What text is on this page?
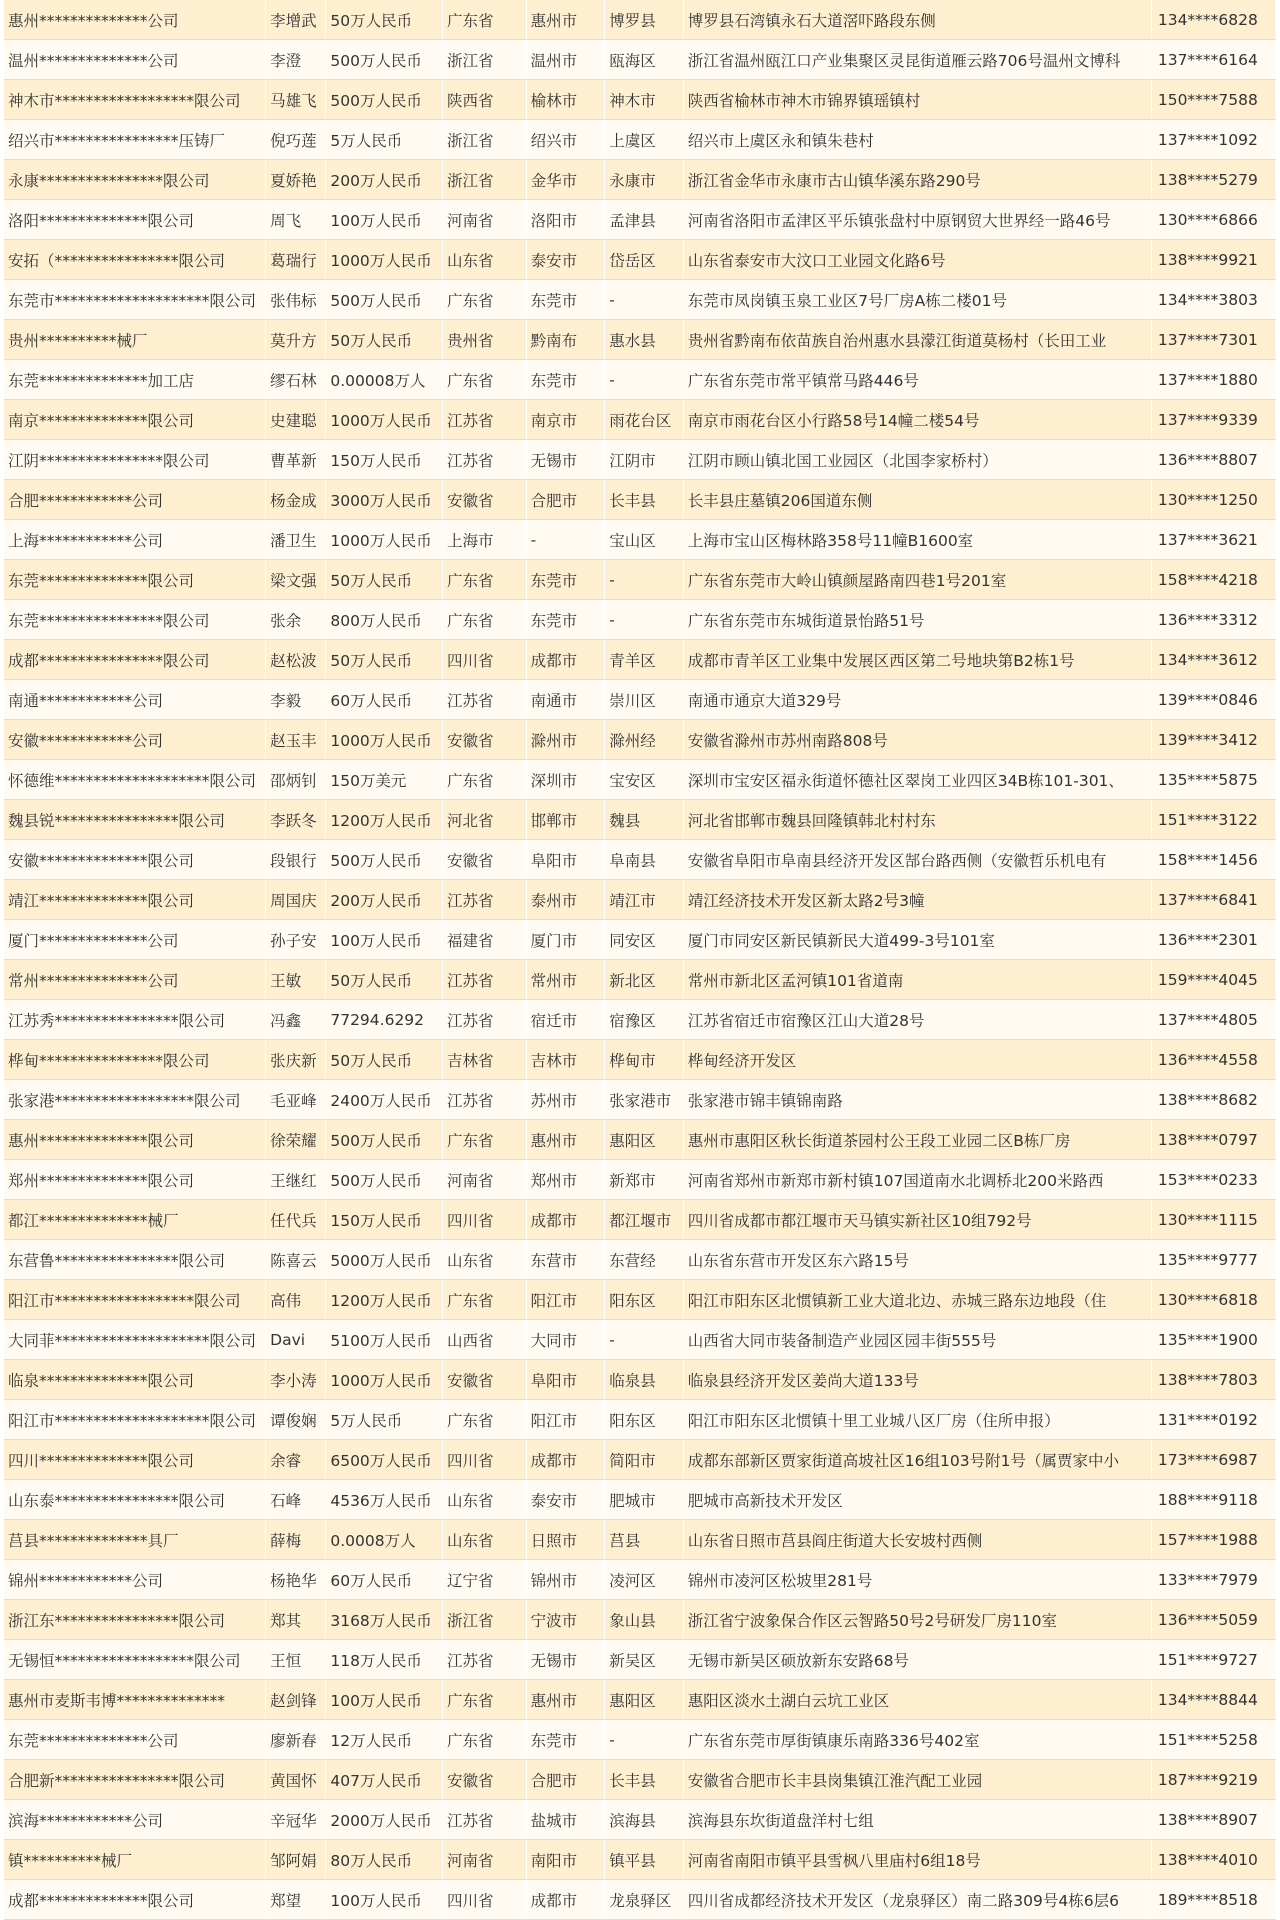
惠州**************公司	李增武	50万人民币	广东省	惠州市	博罗县	博罗县石湾镇永石大道滘吓路段东侧	134****6828
温州**************公司	李澄	500万人民币	浙江省	温州市	瓯海区	浙江省温州瓯江口产业集聚区灵昆街道雁云路706号温州文博科	137****6164
神木市******************限公司	马雄飞	500万人民币	陕西省	榆林市	神木市	陕西省榆林市神木市锦界镇瑶镇村	150****7588
绍兴市****************压铸厂	倪巧莲	5万人民币	浙江省	绍兴市	上虞区	绍兴市上虞区永和镇朱巷村	137****1092
永康****************限公司	夏娇艳	200万人民币	浙江省	金华市	永康市	浙江省金华市永康市古山镇华溪东路290号	138****5279
洛阳**************限公司	周飞	100万人民币	河南省	洛阳市	孟津县	河南省洛阳市孟津区平乐镇张盘村中原钢贸大世界经一路46号	130****6866
安拓（****************限公司	葛瑞行	1000万人民币	山东省	泰安市	岱岳区	山东省泰安市大汶口工业园文化路6号	138****9921
东莞市********************限公司	张伟标	500万人民币	广东省	东莞市	-	东莞市凤岗镇玉泉工业区7号厂房A栋二楼01号	134****3803
贵州**********械厂	莫升方	50万人民币	贵州省	黔南布	惠水县	贵州省黔南布依苗族自治州惠水县濛江街道莫杨村（长田工业	137****7301
东莞**************加工店	缪石林	0.00008万人	广东省	东莞市	-	广东省东莞市常平镇常马路446号	137****1880
南京**************限公司	史建聪	1000万人民币	江苏省	南京市	雨花台区	南京市雨花台区小行路58号14幢二楼54号	137****9339
江阴****************限公司	曹革新	150万人民币	江苏省	无锡市	江阴市	江阴市顾山镇北国工业园区（北国李家桥村）	136****8807
合肥************公司	杨金成	3000万人民币	安徽省	合肥市	长丰县	长丰县庄墓镇206国道东侧	130****1250
上海************公司	潘卫生	1000万人民币	上海市	-	宝山区	上海市宝山区梅林路358号11幢B1600室	137****3621
东莞**************限公司	梁文强	50万人民币	广东省	东莞市	-	广东省东莞市大岭山镇颜屋路南四巷1号201室	158****4218
东莞****************限公司	张余	800万人民币	广东省	东莞市	-	广东省东莞市东城街道景怡路51号	136****3312
成都****************限公司	赵松波	50万人民币	四川省	成都市	青羊区	成都市青羊区工业集中发展区西区第二号地块第B2栋1号	134****3612
南通************公司	李毅	60万人民币	江苏省	南通市	崇川区	南通市通京大道329号	139****0846
安徽************公司	赵玉丰	1000万人民币	安徽省	滁州市	滁州经	安徽省滁州市苏州南路808号	139****3412
怀德维********************限公司	邵炳钊	150万美元	广东省	深圳市	宝安区	深圳市宝安区福永街道怀德社区翠岗工业四区34B栋101-301、	135****5875
魏县锐****************限公司	李跃冬	1200万人民币	河北省	邯郸市	魏县	河北省邯郸市魏县回隆镇韩北村村东	151****3122
安徽**************限公司	段银行	500万人民币	安徽省	阜阳市	阜南县	安徽省阜阳市阜南县经济开发区郜台路西侧（安徽哲乐机电有	158****1456
靖江**************限公司	周国庆	200万人民币	江苏省	泰州市	靖江市	靖江经济技术开发区新太路2号3幢	137****6841
厦门**************公司	孙子安	100万人民币	福建省	厦门市	同安区	厦门市同安区新民镇新民大道499-3号101室	136****2301
常州**************公司	王敏	50万人民币	江苏省	常州市	新北区	常州市新北区孟河镇101省道南	159****4045
江苏秀****************限公司	冯鑫	77294.6292	江苏省	宿迁市	宿豫区	江苏省宿迁市宿豫区江山大道28号	137****4805
桦甸****************限公司	张庆新	50万人民币	吉林省	吉林市	桦甸市	桦甸经济开发区	136****4558
张家港******************限公司	毛亚峰	2400万人民币	江苏省	苏州市	张家港市	张家港市锦丰镇锦南路	138****8682
惠州**************限公司	徐荣耀	500万人民币	广东省	惠州市	惠阳区	惠州市惠阳区秋长街道茶园村公王段工业园二区B栋厂房	138****0797
郑州**************限公司	王继红	500万人民币	河南省	郑州市	新郑市	河南省郑州市新郑市新村镇107国道南水北调桥北200米路西	153****0233
都江**************械厂	任代兵	150万人民币	四川省	成都市	都江堰市	四川省成都市都江堰市天马镇实新社区10组792号	130****1115
东营鲁****************限公司	陈喜云	5000万人民币	山东省	东营市	东营经	山东省东营市开发区东六路15号	135****9777
阳江市******************限公司	高伟	1200万人民币	广东省	阳江市	阳东区	阳江市阳东区北惯镇新工业大道北边、赤城三路东边地段（住	130****6818
大同菲********************限公司	Davi	5100万人民币	山西省	大同市	-	山西省大同市装备制造产业园区园丰街555号	135****1900
临泉**************限公司	李小涛	1000万人民币	安徽省	阜阳市	临泉县	临泉县经济开发区姜尚大道133号	138****7803
阳江市********************限公司	谭俊娴	5万人民币	广东省	阳江市	阳东区	阳江市阳东区北惯镇十里工业城八区厂房（住所申报）	131****0192
四川**************限公司	余睿	6500万人民币	四川省	成都市	简阳市	成都东部新区贾家街道高坡社区16组103号附1号（属贾家中小	173****6987
山东泰****************限公司	石峰	4536万人民币	山东省	泰安市	肥城市	肥城市高新技术开发区	188****9118
莒县**************具厂	薛梅	0.0008万人	山东省	日照市	莒县	山东省日照市莒县阎庄街道大长安坡村西侧	157****1988
锦州************公司	杨艳华	60万人民币	辽宁省	锦州市	凌河区	锦州市凌河区松坡里281号	133****7979
浙江东****************限公司	郑其	3168万人民币	浙江省	宁波市	象山县	浙江省宁波象保合作区云智路50号2号研发厂房110室	136****5059
无锡恒******************限公司	王恒	118万人民币	江苏省	无锡市	新吴区	无锡市新吴区硕放新东安路68号	151****9727
惠州市麦斯韦博**************	赵剑锋	100万人民币	广东省	惠州市	惠阳区	惠阳区淡水土湖白云坑工业区	134****8844
东莞**************公司	廖新春	12万人民币	广东省	东莞市	-	广东省东莞市厚街镇康乐南路336号402室	151****5258
合肥新****************限公司	黄国怀	407万人民币	安徽省	合肥市	长丰县	安徽省合肥市长丰县岗集镇江淮汽配工业园	187****9219
滨海************公司	辛冠华	2000万人民币	江苏省	盐城市	滨海县	滨海县东坎街道盘洋村七组	138****8907
镇**********械厂	邹阿娟	80万人民币	河南省	南阳市	镇平县	河南省南阳市镇平县雪枫八里庙村6组18号	138****4010
成都**************限公司	郑望	100万人民币	四川省	成都市	龙泉驿区	四川省成都经济技术开发区（龙泉驿区）南二路309号4栋6层6	189****8518
